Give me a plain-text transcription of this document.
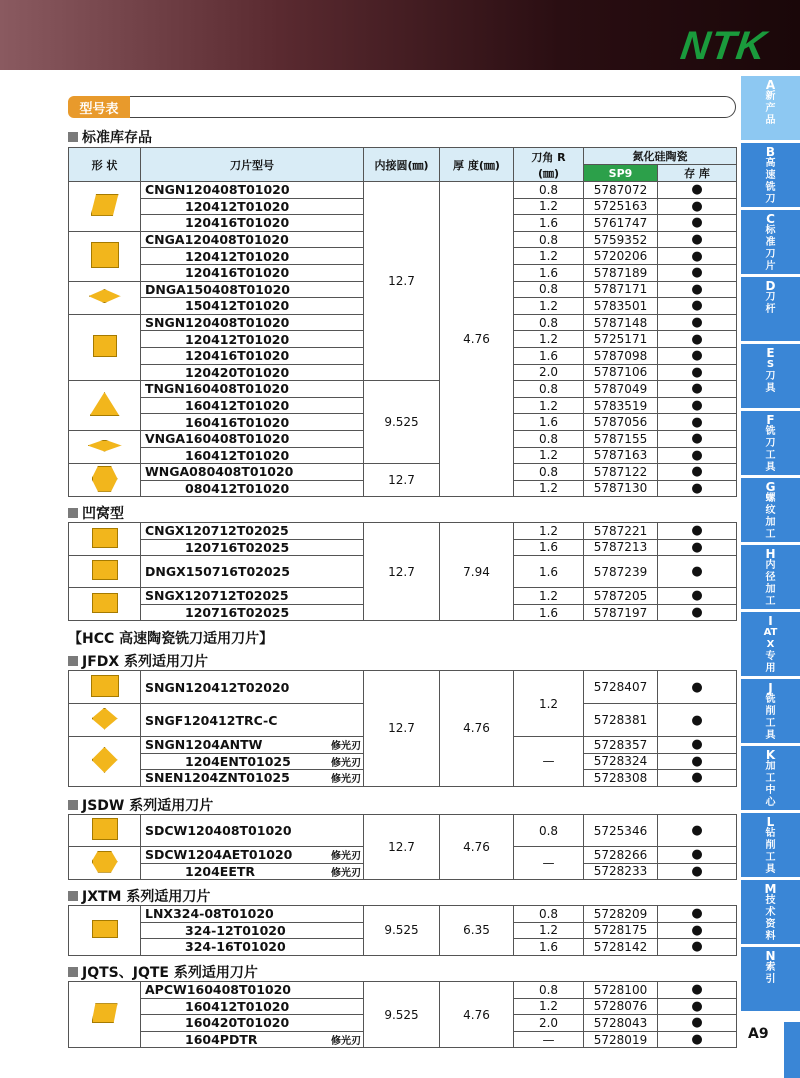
NTK
A
新产品
B
高速铣刀
C
标准刀片
D
刀杆
E
S刀具
F
铣刀工具
G
螺纹加工
H
内径加工
I
ATX专用
J
铣削工具
K
加工中心
L
钻削工具
M
技术资料
N
索引
型号表
标准库存品
形 状	刀片型号	内接圆(㎜)	厚 度(㎜)	刀角 R
(㎜)	氮化硅陶瓷	
					SP9	存 库
	CNGN120408T01020	12.7	4.76	0.8	5787072	●
	120412T01020			1.2	5725163	●
	120416T01020			1.6	5761747	●
	CNGA120408T01020			0.8	5759352	●
	120412T01020			1.2	5720206	●
	120416T01020			1.6	5787189	●
	DNGA150408T01020			0.8	5787171	●
	150412T01020			1.2	5783501	●
	SNGN120408T01020			0.8	5787148	●
	120412T01020			1.2	5725171	●
	120416T01020			1.6	5787098	●
	120420T01020			2.0	5787106	●
	TNGN160408T01020	9.525		0.8	5787049	●
	160412T01020			1.2	5783519	●
	160416T01020			1.6	5787056	●
	VNGA160408T01020			0.8	5787155	●
	160412T01020			1.2	5787163	●
	WNGA080408T01020	12.7		0.8	5787122	●
	080412T01020			1.2	5787130	●
凹窝型
	CNGX120712T02025	12.7	7.94	1.2	5787221	●
	120716T02025			1.6	5787213	●
	DNGX150716T02025			1.6	5787239	●
	SNGX120712T02025			1.2	5787205	●
	120716T02025			1.6	5787197	●
【HCC 高速陶瓷铣刀适用刀片】
JFDX 系列适用刀片
	SNGN120412T02020	12.7	4.76	1.2	5728407	●
	SNGF120412TRC-C				5728381	●
	SNGN1204ANTW 修光刃			—	5728357	●
	1204ENT01025 修光刃				5728324	●
	SNEN1204ZNT01025 修光刃				5728308	●
JSDW 系列适用刀片
	SDCW120408T01020	12.7	4.76	0.8	5725346	●
	SDCW1204AET01020 修光刃			—	5728266	●
	1204EETR 修光刃				5728233	●
JXTM 系列适用刀片
	LNX324-08T01020	9.525	6.35	0.8	5728209	●
	324-12T01020			1.2	5728175	●
	324-16T01020			1.6	5728142	●
JQTS、JQTE 系列适用刀片
	APCW160408T01020	9.525	4.76	0.8	5728100	●
	160412T01020			1.2	5728076	●
	160420T01020			2.0	5728043	●
	1604PDTR 修光刃			—	5728019	●	A9
